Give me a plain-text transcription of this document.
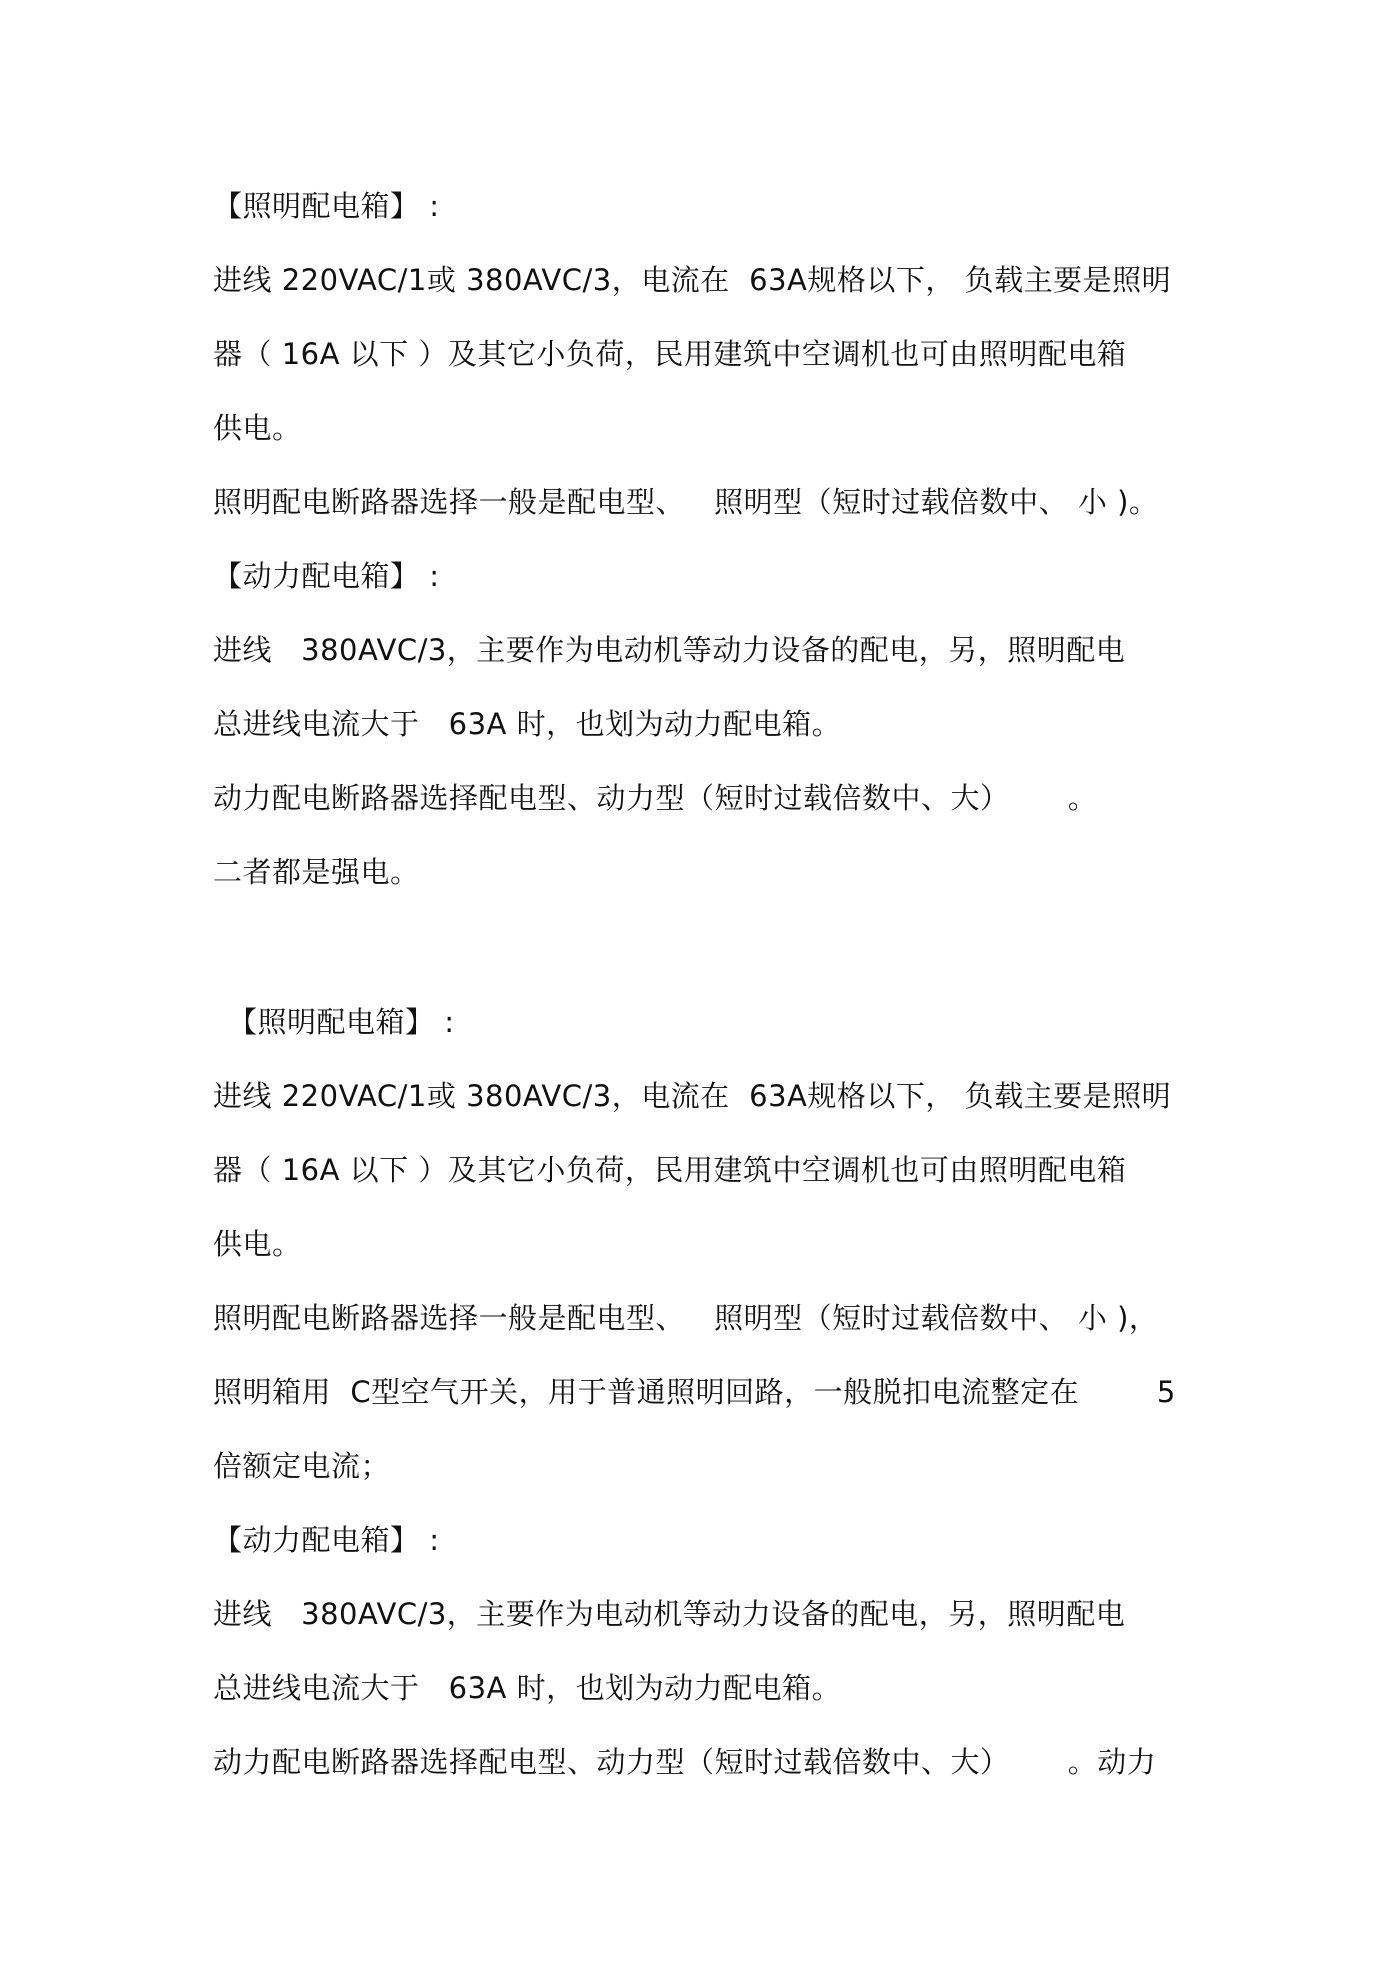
【照明配电箱】 :
进线 220VAC/1或 380AVC/3，电流在  63A规格以下， 负载主要是照明
器（ 16A 以下 ）及其它小负荷，民用建筑中空调机也可由照明配电箱
供电。
照明配电断路器选择一般是配电型、   照明型（短时过载倍数中、 小 )。
【动力配电箱】 :
进线   380AVC/3，主要作为电动机等动力设备的配电，另，照明配电
总进线电流大于   63A 时，也划为动力配电箱。
动力配电断路器选择配电型、动力型（短时过载倍数中、大）      。
二者都是强电。
【照明配电箱】 :
进线 220VAC/1或 380AVC/3，电流在  63A规格以下， 负载主要是照明
器（ 16A 以下 ）及其它小负荷，民用建筑中空调机也可由照明配电箱
供电。
照明配电断路器选择一般是配电型、   照明型（短时过载倍数中、 小 )，
照明箱用  C型空气开关，用于普通照明回路，一般脱扣电流整定在        5
倍额定电流；
【动力配电箱】 :
进线   380AVC/3，主要作为电动机等动力设备的配电，另，照明配电
总进线电流大于   63A 时，也划为动力配电箱。
动力配电断路器选择配电型、动力型（短时过载倍数中、大）      。动力
